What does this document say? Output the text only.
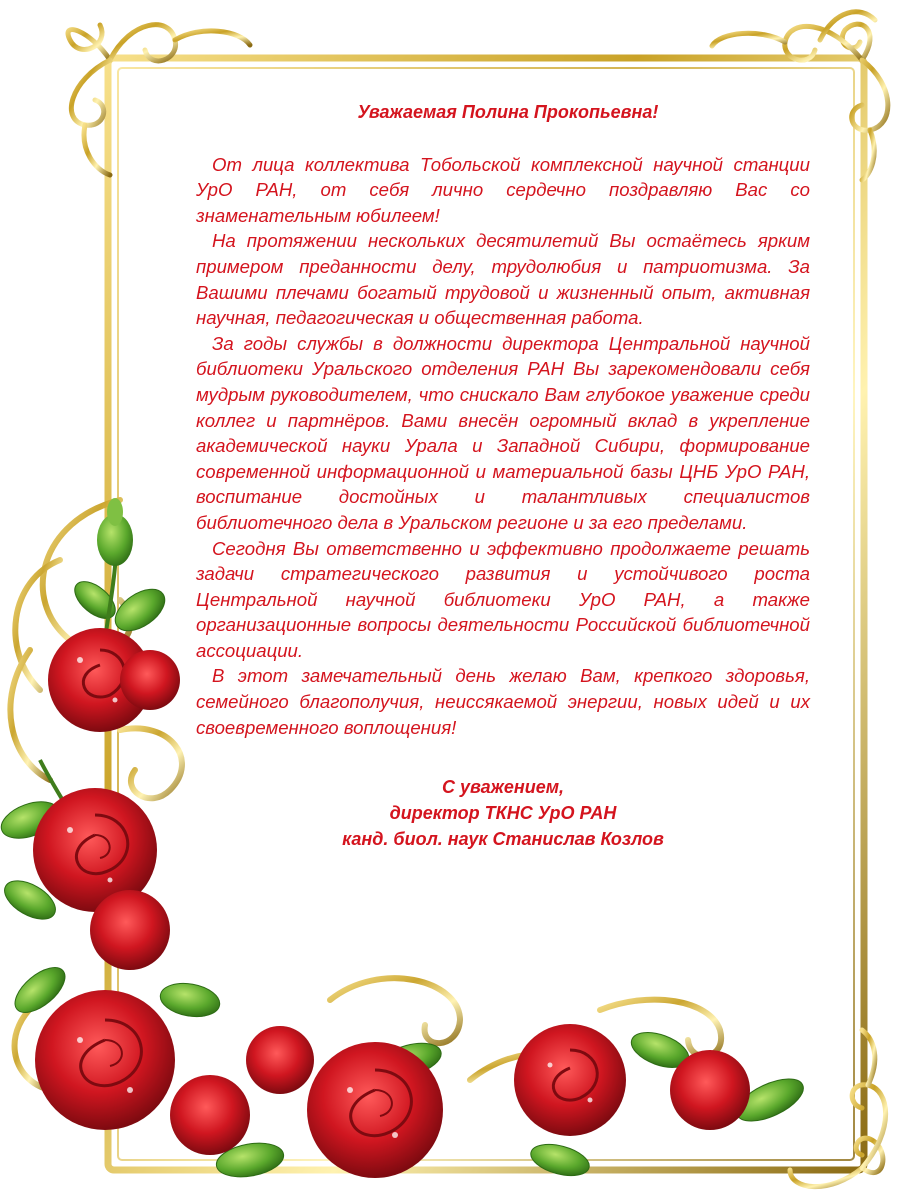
Уважаемая Полина Прокопьевна!

От лица коллектива Тобольской комплексной научной станции УрО РАН, от себя лично сердечно поздравляю Вас со знаменательным юбилеем!

На протяжении нескольких десятилетий Вы остаётесь ярким примером преданности делу, трудолюбия и патриотизма. За Вашими плечами богатый трудовой и жизненный опыт, активная научная, педагогическая и общественная работа.

За годы службы в должности директора Центральной научной библиотеки Уральского отделения РАН Вы зарекомендовали себя мудрым руководителем, что снискало Вам глубокое уважение среди коллег и партнёров. Вами внесён огромный вклад в укрепление академической науки Урала и Западной Сибири, формирование современной информационной и материальной базы ЦНБ УрО РАН, воспитание достойных и талантливых специалистов библиотечного дела в Уральском регионе и за его пределами.

Сегодня Вы ответственно и эффективно продолжаете решать задачи стратегического развития и устойчивого роста Центральной научной библиотеки УрО РАН, а также организационные вопросы деятельности Российской библиотечной ассоциации.

В этот замечательный день желаю Вам, крепкого здоровья, семейного благополучия, неиссякаемой энергии, новых идей и их своевременного воплощения!

С уважением,
директор ТКНС УрО РАН
канд. биол. наук Станислав Козлов
